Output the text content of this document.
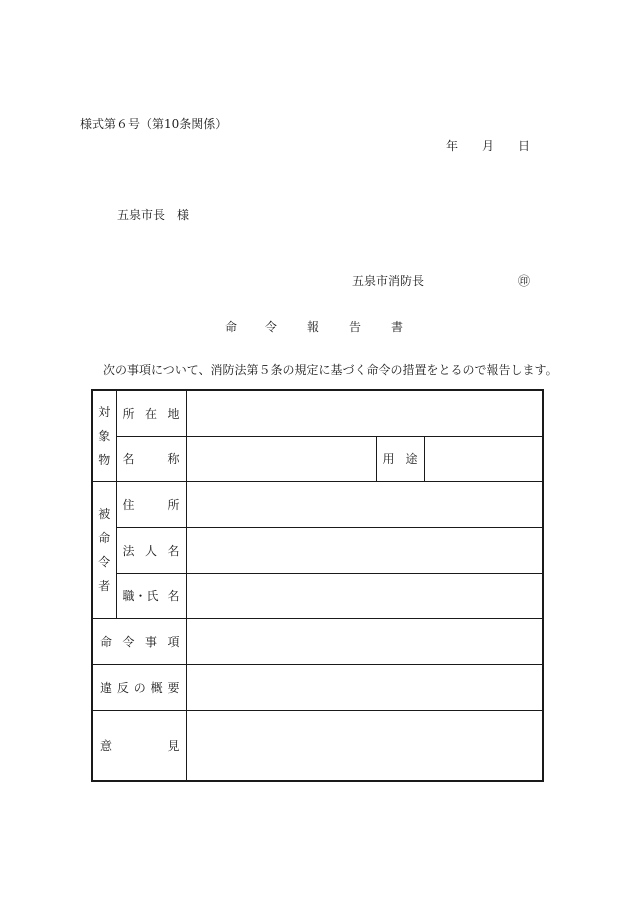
様式第６号（第10条関係）
年 月 日
五泉市長　様
五泉市消防長	㊞
命 令 報 告 書
次の事項について、消防法第５条の規定に基づく命令の措置をとるので報告します。
対
象
物	所 在 地			

	名 称		用 途	

被
命
令
者	住 所			

	法 人 名			

	職・氏 名			

命 令 事 項				

違 反 の 概 要				

意 見				
